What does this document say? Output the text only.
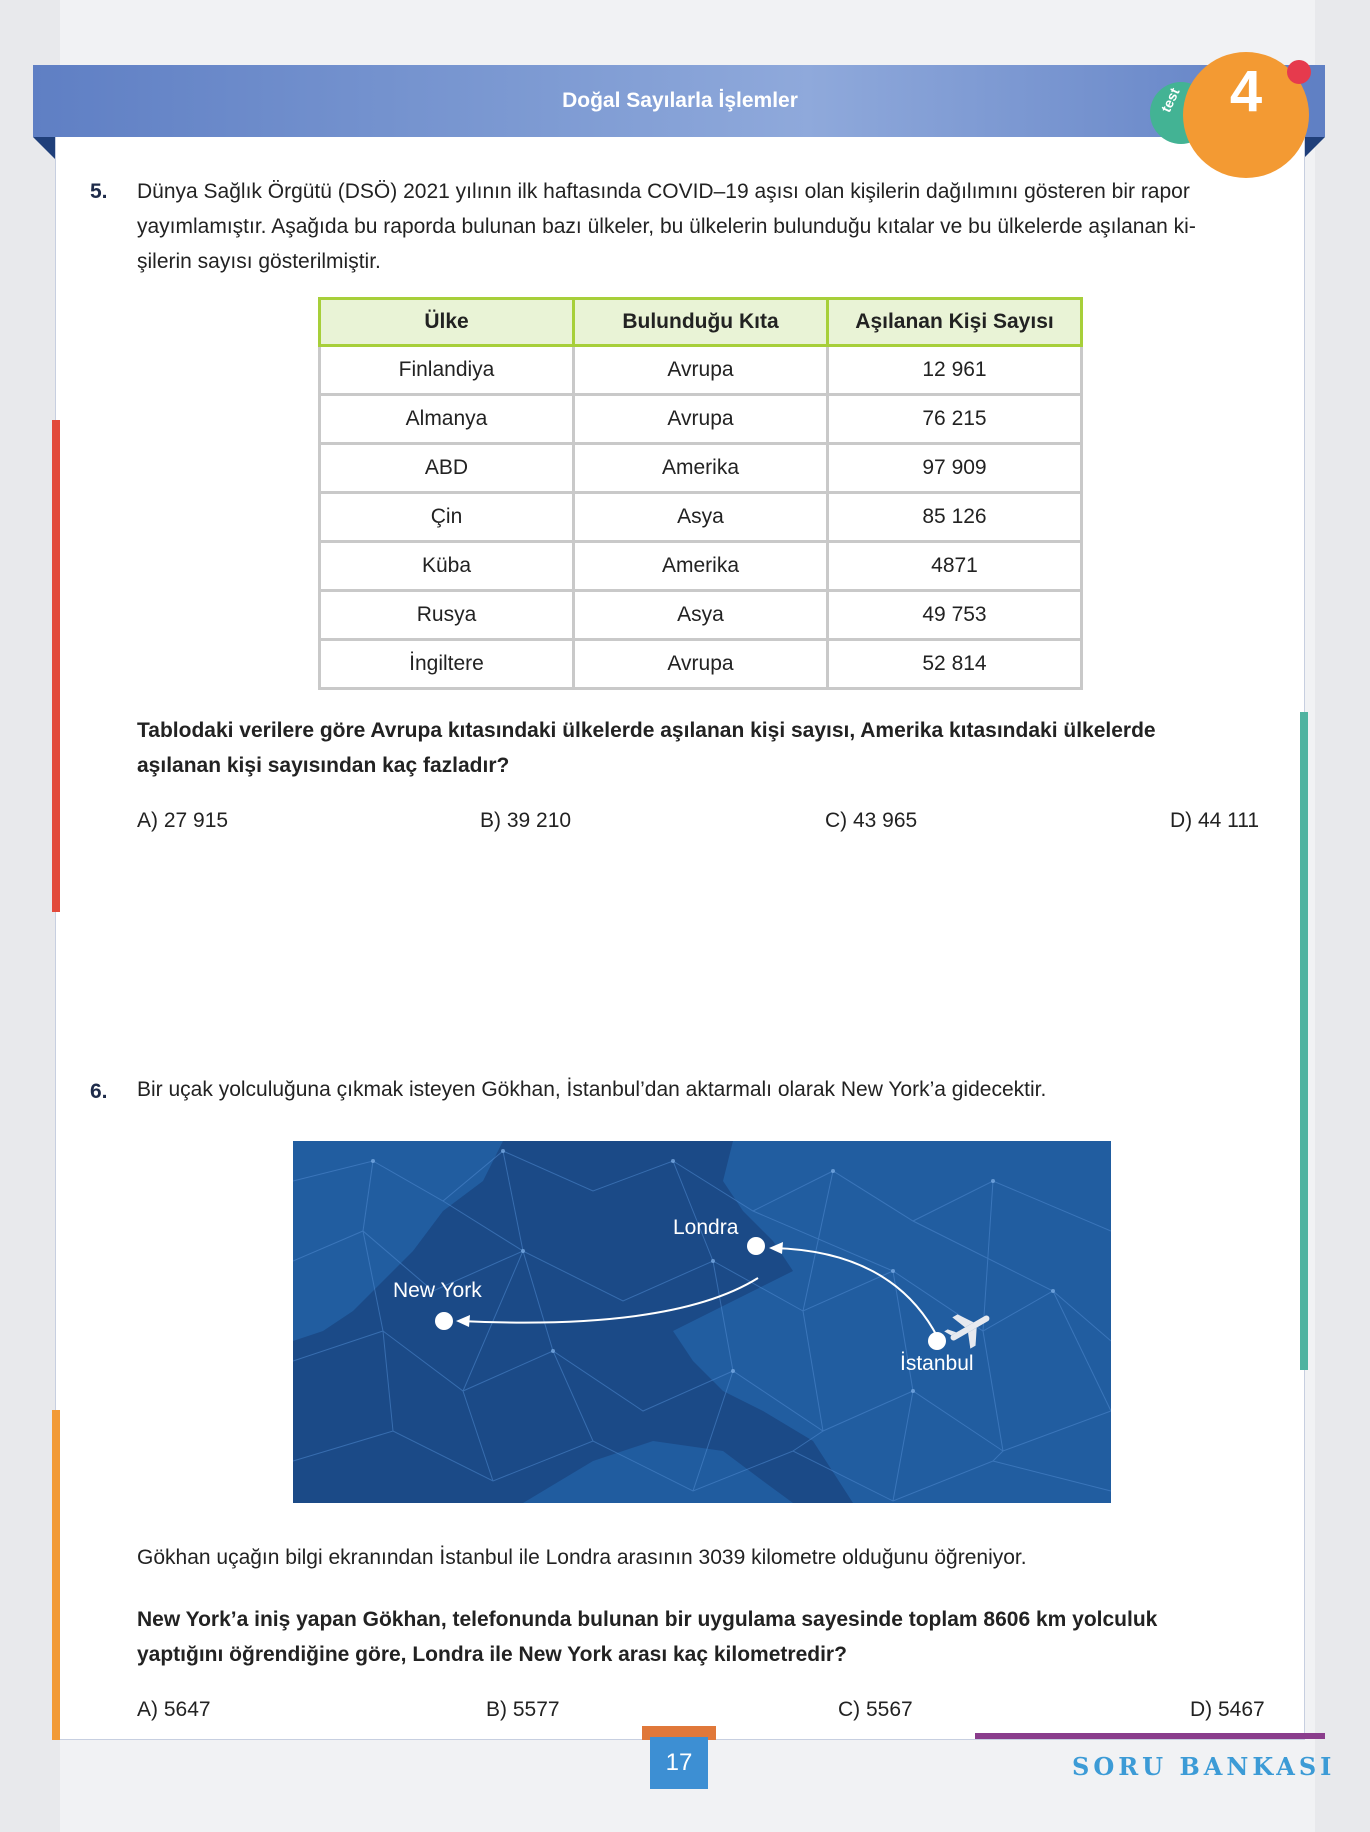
Doğal Sayılarla İşlemler	test 4
5. Dünya Sağlık Örgütü (DSÖ) 2021 yılının ilk haftasında COVID–19 aşısı olan kişilerin dağılımını gösteren bir rapor
yayımlamıştır. Aşağıda bu raporda bulunan bazı ülkeler, bu ülkelerin bulunduğu kıtalar ve bu ülkelerde aşılanan ki-
şilerin sayısı gösterilmiştir.
Ülke	Bulunduğu Kıta	Aşılanan Kişi Sayısı
Finlandiya	Avrupa	12 961
Almanya	Avrupa	76 215
ABD	Amerika	97 909
Çin	Asya	85 126
Küba	Amerika	4871
Rusya	Asya	49 753
İngiltere	Avrupa	52 814
Tablodaki verilere göre Avrupa kıtasındaki ülkelerde aşılanan kişi sayısı, Amerika kıtasındaki ülkelerde
aşılanan kişi sayısından kaç fazladır?
A) 27 915	B) 39 210	C) 43 965	D) 44 111
6. Bir uçak yolculuğuna çıkmak isteyen Gökhan, İstanbul’dan aktarmalı olarak New York’a gidecektir.
Londra
New York
İstanbul
Gökhan uçağın bilgi ekranından İstanbul ile Londra arasının 3039 kilometre olduğunu öğreniyor.
New York’a iniş yapan Gökhan, telefonunda bulunan bir uygulama sayesinde toplam 8606 km yolculuk
yaptığını öğrendiğine göre, Londra ile New York arası kaç kilometredir?
A) 5647	B) 5577	C) 5567	D) 5467
17	SORU BANKASI
